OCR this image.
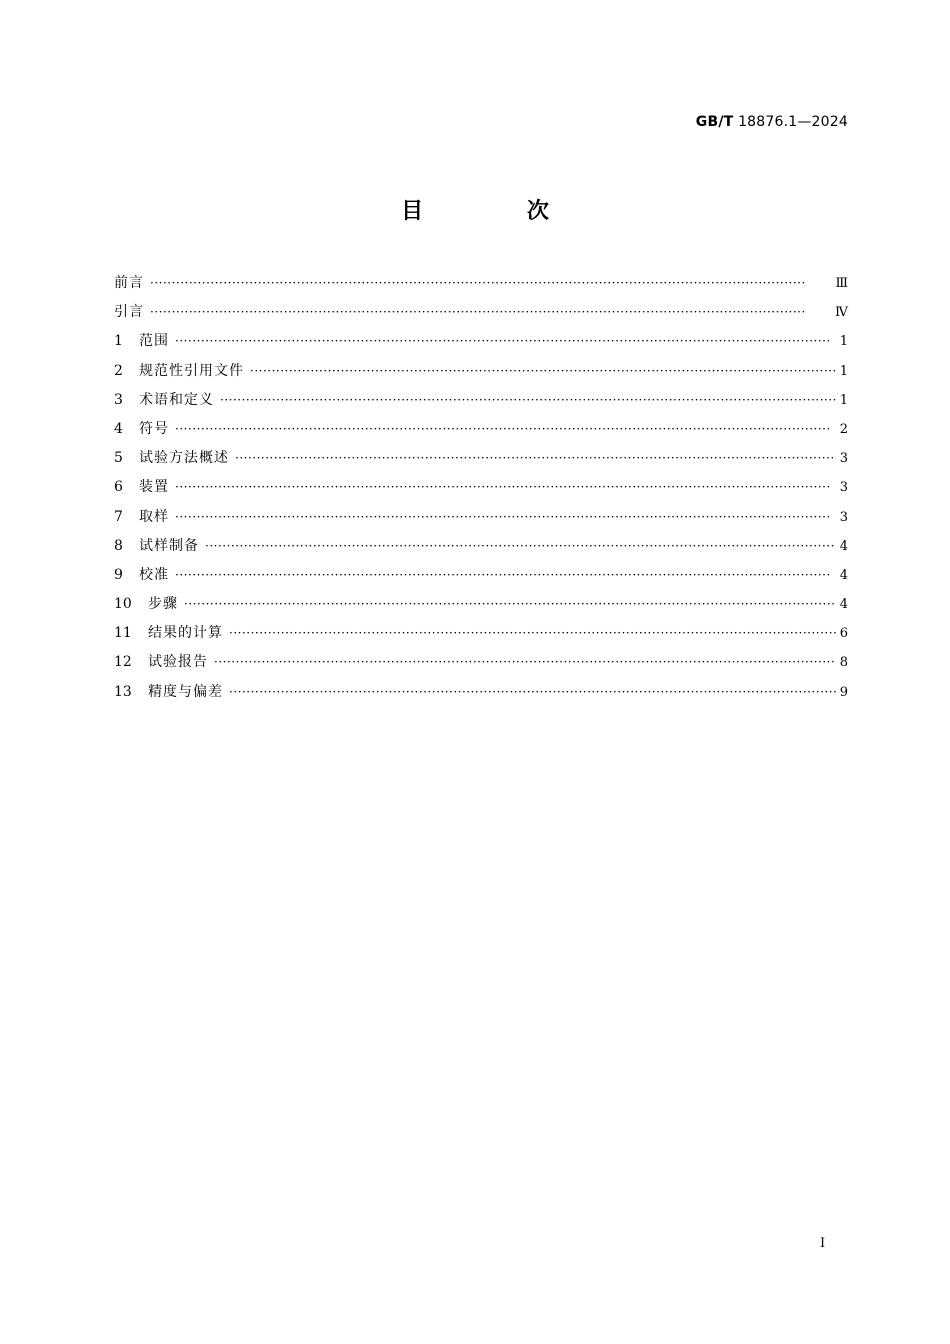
GB/T 18876.1—2024
目 次
前言 ·····	Ⅲ
引言 ·····	Ⅳ
1	范围 ·····	1
2	规范性引用文件 ·····	1
3	术语和定义 ·····	1
4	符号 ·····	2
5	试验方法概述 ·····	3
6	装置 ·····	3
7	取样 ·····	3
8	试样制备 ·····	4
9	校准 ·····	4
10	步骤 ·····	4
11	结果的计算 ·····	6
12	试验报告 ·····	8
13	精度与偏差 ·····	9
I
